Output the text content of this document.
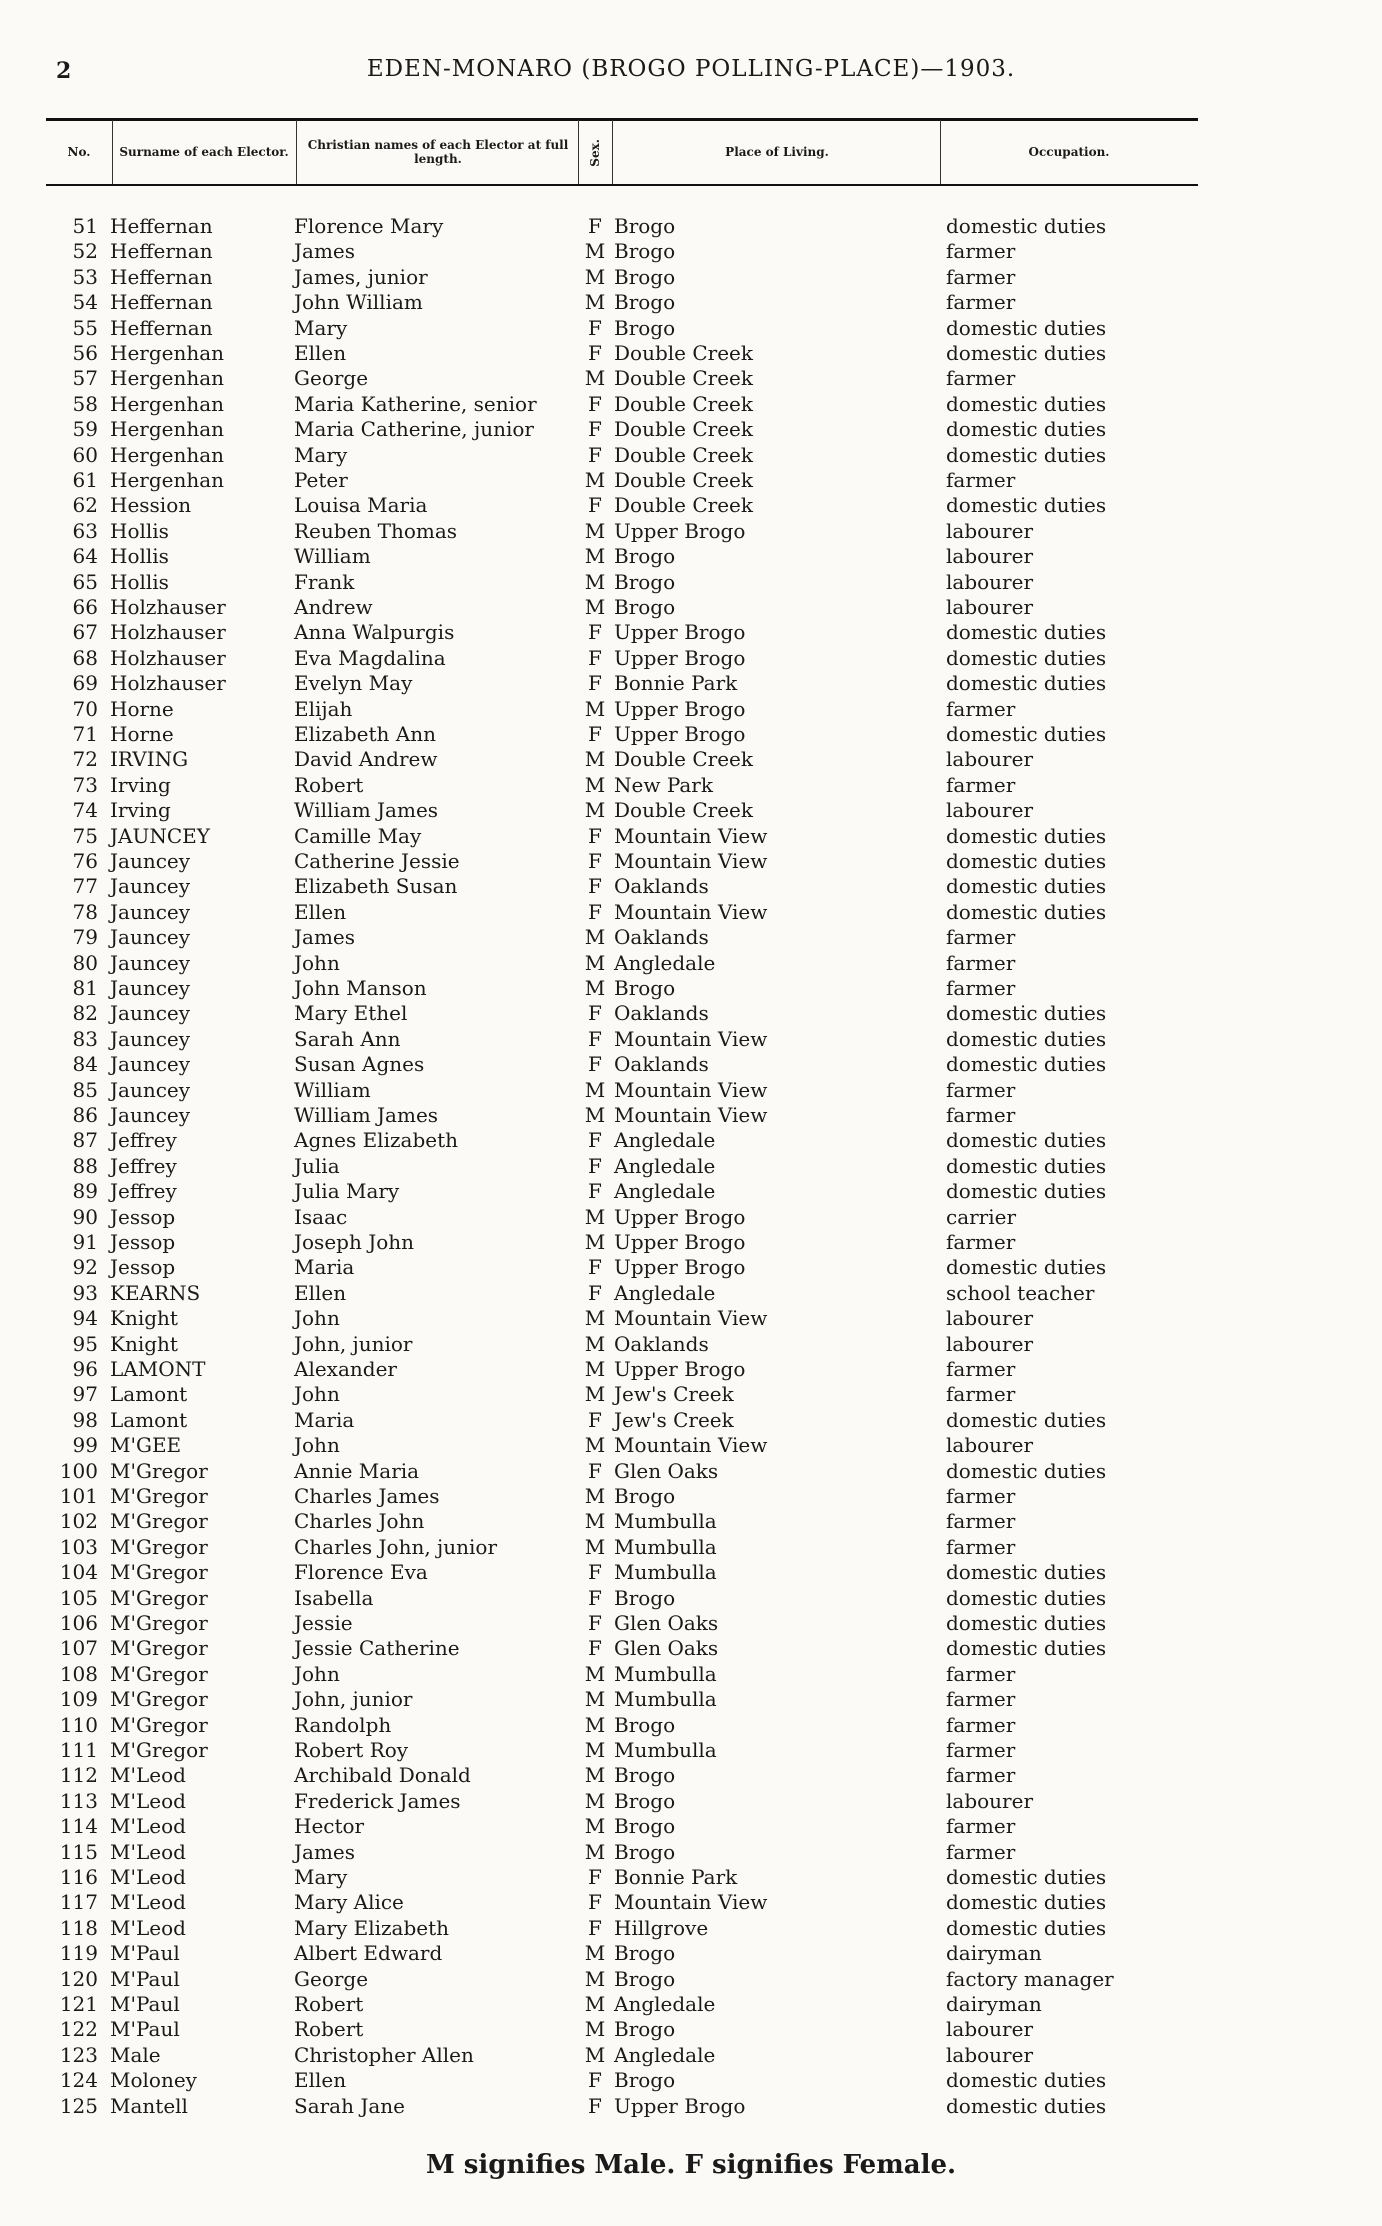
2	EDEN-MONARO (BROGO POLLING-PLACE)—1903.
No.	Surname of each Elector.	Christian names of each Elector at full length.	Sex.	Place of Living.	Occupation.
51 Heffernan	Florence Mary	F Brogo	domestic duties
52 Heffernan	James	M Brogo	farmer
53 Heffernan	James, junior	M Brogo	farmer
54 Heffernan	John William	M Brogo	farmer
55 Heffernan	Mary	F Brogo	domestic duties
56 Hergenhan	Ellen	F Double Creek	domestic duties
57 Hergenhan	George	M Double Creek	farmer
58 Hergenhan	Maria Katherine, senior	F Double Creek	domestic duties
59 Hergenhan	Maria Catherine, junior	F Double Creek	domestic duties
60 Hergenhan	Mary	F Double Creek	domestic duties
61 Hergenhan	Peter	M Double Creek	farmer
62 Hession	Louisa Maria	F Double Creek	domestic duties
63 Hollis	Reuben Thomas	M Upper Brogo	labourer
64 Hollis	William	M Brogo	labourer
65 Hollis	Frank	M Brogo	labourer
66 Holzhauser	Andrew	M Brogo	labourer
67 Holzhauser	Anna Walpurgis	F Upper Brogo	domestic duties
68 Holzhauser	Eva Magdalina	F Upper Brogo	domestic duties
69 Holzhauser	Evelyn May	F Bonnie Park	domestic duties
70 Horne	Elijah	M Upper Brogo	farmer
71 Horne	Elizabeth Ann	F Upper Brogo	domestic duties
72 IRVING	David Andrew	M Double Creek	labourer
73 Irving	Robert	M New Park	farmer
74 Irving	William James	M Double Creek	labourer
75 JAUNCEY	Camille May	F Mountain View	domestic duties
76 Jauncey	Catherine Jessie	F Mountain View	domestic duties
77 Jauncey	Elizabeth Susan	F Oaklands	domestic duties
78 Jauncey	Ellen	F Mountain View	domestic duties
79 Jauncey	James	M Oaklands	farmer
80 Jauncey	John	M Angledale	farmer
81 Jauncey	John Manson	M Brogo	farmer
82 Jauncey	Mary Ethel	F Oaklands	domestic duties
83 Jauncey	Sarah Ann	F Mountain View	domestic duties
84 Jauncey	Susan Agnes	F Oaklands	domestic duties
85 Jauncey	William	M Mountain View	farmer
86 Jauncey	William James	M Mountain View	farmer
87 Jeffrey	Agnes Elizabeth	F Angledale	domestic duties
88 Jeffrey	Julia	F Angledale	domestic duties
89 Jeffrey	Julia Mary	F Angledale	domestic duties
90 Jessop	Isaac	M Upper Brogo	carrier
91 Jessop	Joseph John	M Upper Brogo	farmer
92 Jessop	Maria	F Upper Brogo	domestic duties
93 KEARNS	Ellen	F Angledale	school teacher
94 Knight	John	M Mountain View	labourer
95 Knight	John, junior	M Oaklands	labourer
96 LAMONT	Alexander	M Upper Brogo	farmer
97 Lamont	John	M Jew's Creek	farmer
98 Lamont	Maria	F Jew's Creek	domestic duties
99 M'GEE	John	M Mountain View	labourer
100 M'Gregor	Annie Maria	F Glen Oaks	domestic duties
101 M'Gregor	Charles James	M Brogo	farmer
102 M'Gregor	Charles John	M Mumbulla	farmer
103 M'Gregor	Charles John, junior	M Mumbulla	farmer
104 M'Gregor	Florence Eva	F Mumbulla	domestic duties
105 M'Gregor	Isabella	F Brogo	domestic duties
106 M'Gregor	Jessie	F Glen Oaks	domestic duties
107 M'Gregor	Jessie Catherine	F Glen Oaks	domestic duties
108 M'Gregor	John	M Mumbulla	farmer
109 M'Gregor	John, junior	M Mumbulla	farmer
110 M'Gregor	Randolph	M Brogo	farmer
111 M'Gregor	Robert Roy	M Mumbulla	farmer
112 M'Leod	Archibald Donald	M Brogo	farmer
113 M'Leod	Frederick James	M Brogo	labourer
114 M'Leod	Hector	M Brogo	farmer
115 M'Leod	James	M Brogo	farmer
116 M'Leod	Mary	F Bonnie Park	domestic duties
117 M'Leod	Mary Alice	F Mountain View	domestic duties
118 M'Leod	Mary Elizabeth	F Hillgrove	domestic duties
119 M'Paul	Albert Edward	M Brogo	dairyman
120 M'Paul	George	M Brogo	factory manager
121 M'Paul	Robert	M Angledale	dairyman
122 M'Paul	Robert	M Brogo	labourer
123 Male	Christopher Allen	M Angledale	labourer
124 Moloney	Ellen	F Brogo	domestic duties
125 Mantell	Sarah Jane	F Upper Brogo	domestic duties
M signifies Male. F signifies Female.
